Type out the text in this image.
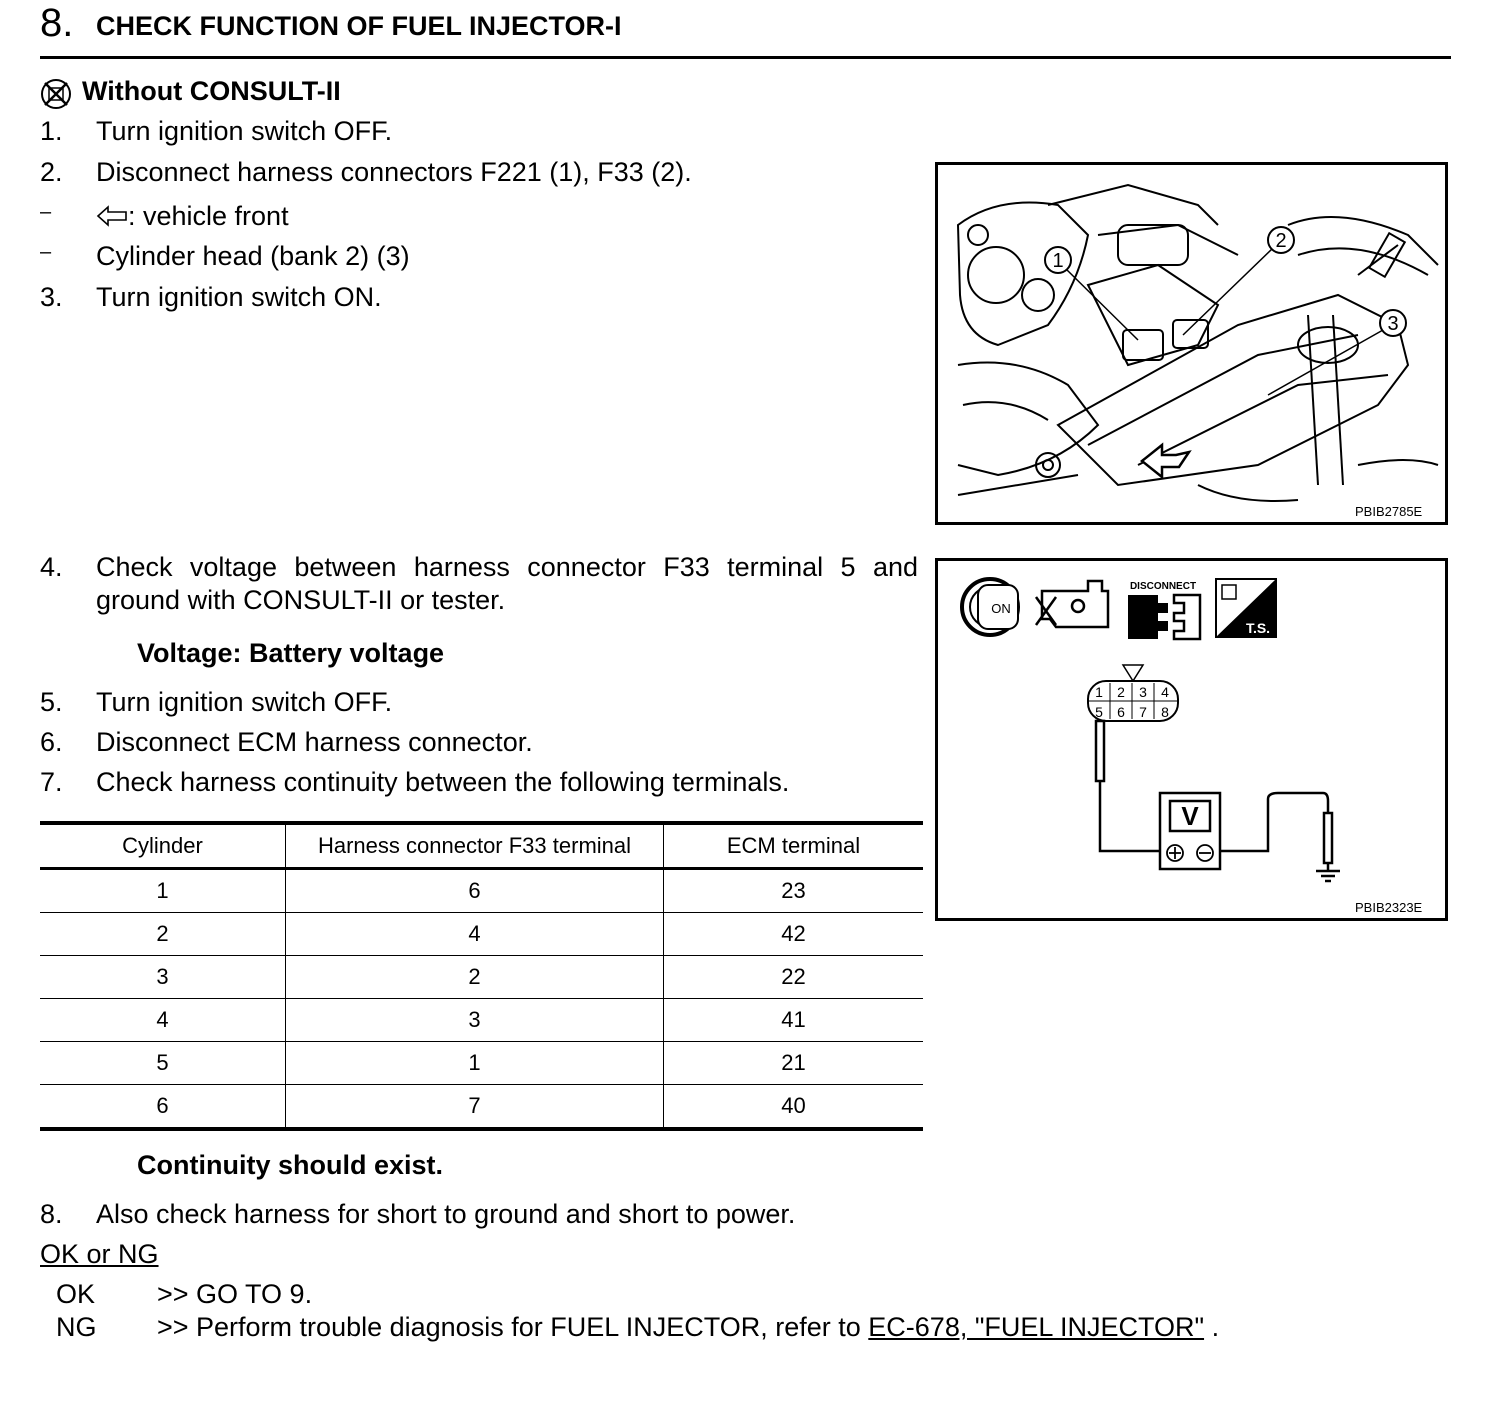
8. CHECK FUNCTION OF FUEL INJECTOR-I
Without CONSULT-II
1. Turn ignition switch OFF.
2. Disconnect harness connectors F221 (1), F33 (2).
–	: vehicle front
– Cylinder head (bank 2) (3)
3. Turn ignition switch ON.
1
2
3
PBIB2785E
4. Check voltage between harness connector F33 terminal 5 and
ground with CONSULT-II or tester.
Voltage: Battery voltage
5. Turn ignition switch OFF.
6. Disconnect ECM harness connector.
7. Check harness continuity between the following terminals.
ON
DISCONNECT
T.S.
1 2 3 4
5 6 7 8
V
PBIB2323E
Cylinder	Harness connector F33 terminal	ECM terminal
1	6	23
2	4	42
3	2	22
4	3	41
5	1	21
6	7	40
Continuity should exist.
8. Also check harness for short to ground and short to power.
OK or NG
OK >> GO TO 9.
NG >> Perform trouble diagnosis for FUEL INJECTOR, refer to EC-678, "FUEL INJECTOR" .
